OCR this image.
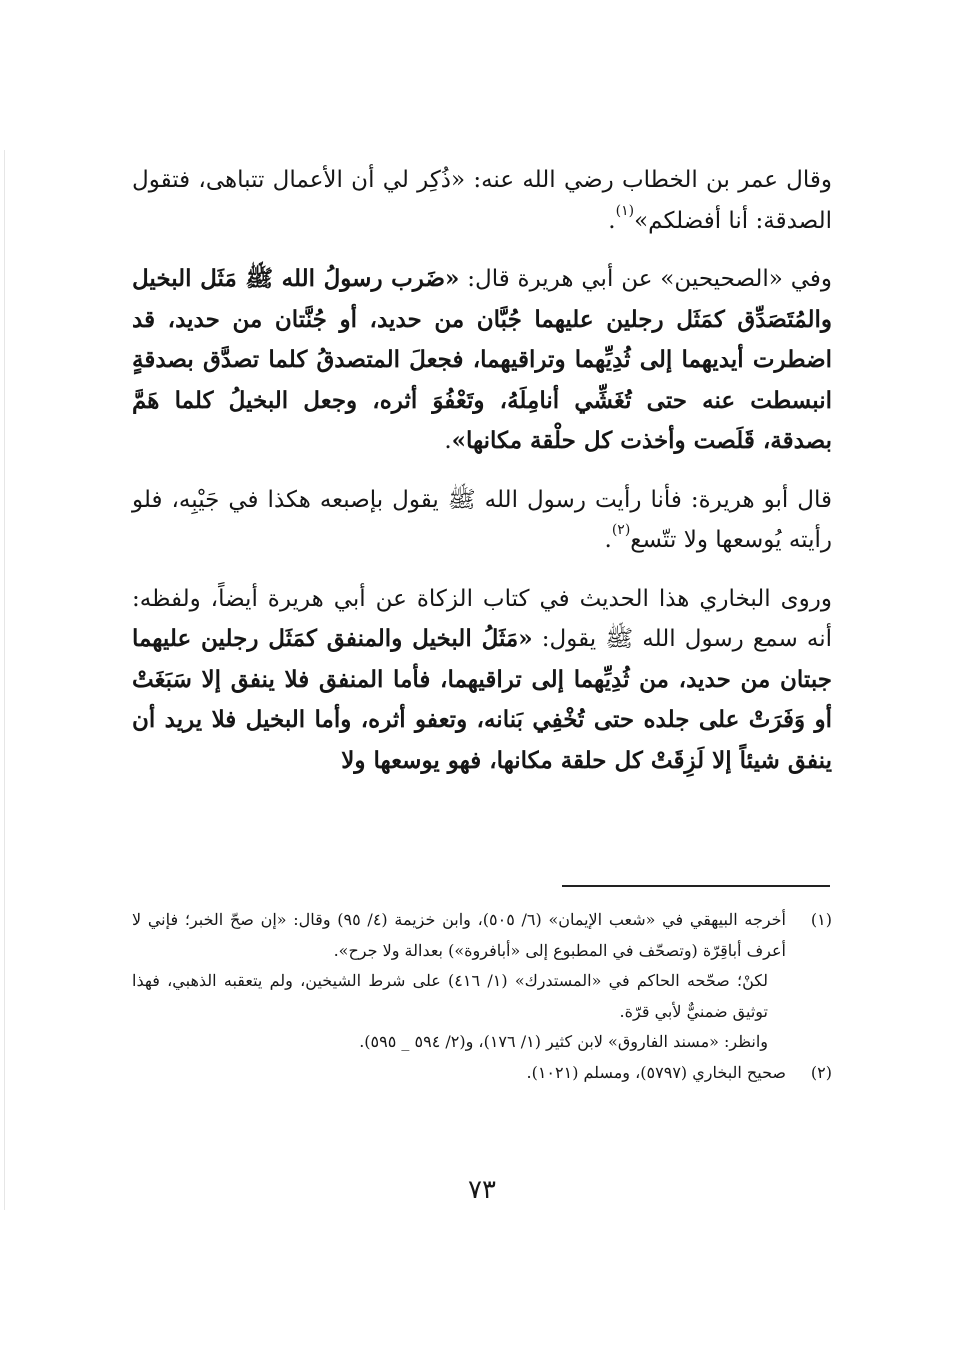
وقال عمر بن الخطاب رضي الله عنه: «ذُكِر لي أن الأعمال تتباهى، فتقول الصدقة: أنا أفضلكم»$^{(١)}$.

وفي «الصحيحين» عن أبي هريرة قال: «ضَرب رسولُ الله ﷺ مَثَل البخيل والمُتَصَدِّق كمَثَل رجلين عليهما جُبَّان من حديد، أو جُنَّتان من حديد، قد اضطرت أيديهما إلى ثُدِيِّهما وتراقيهما، فجعلَ المتصدقُ كلما تصدَّق بصدقةٍ انبسطت عنه حتى تُغَشِّي أنامِلَهُ، وتَعْفُوَ أثره، وجعل البخيلُ كلما هَمَّ بصدقة، قَلَصت وأخذت كل حلْقة مكانها».

قال أبو هريرة: فأنا رأيت رسول الله ﷺ يقول بإصبعه هكذا في جَيْبِه، فلو رأيته يُوسعها ولا تتّسع$^{(٢)}$.

وروى البخاري هذا الحديث في كتاب الزكاة عن أبي هريرة أيضاً، ولفظه: أنه سمع رسول الله ﷺ يقول: «مَثَلُ البخيل والمنفق كمَثَل رجلين عليهما جبتان من حديد، من ثُدِيِّهما إلى تراقيهما، فأما المنفق فلا ينفق إلا سَبَغَتْ أو وَفَرَتْ على جلده حتى تُخْفِي بَنانه، وتعفو أثره، وأما البخيل فلا يريد أن ينفق شيئاً إلا لَزِقَتْ كل حلقة مكانها، فهو يوسعها ولا

(١)

أخرجه البيهقي في «شعب الإيمان» (٦/ ٥٠٥)، وابن خزيمة (٤/ ٩٥) وقال: «إن صحّ الخبر؛ فإني لا أعرف أباقِرّة (وتصحّف في المطبوع إلى «أبافروة») بعدالة ولا جرح».

لكنْ؛ صحّحه الحاكم في «المستدرك» (١/ ٤١٦) على شرط الشيخين، ولم يتعقبه الذهبي، فهذا توثيق ضمنيٌّ لأبي قرّة.

وانظر: «مسند الفاروق» لابن كثير (١/ ١٧٦)، و(٢/ ٥٩٤ _ ٥٩٥).

(٢)

صحيح البخاري (٥٧٩٧)، ومسلم (١٠٢١).

٧٣
